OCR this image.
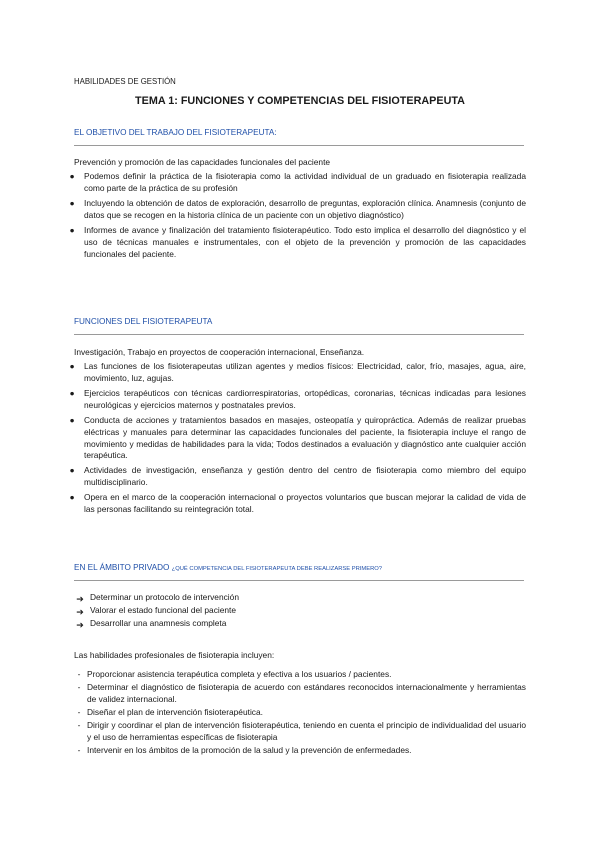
HABILIDADES DE GESTIÓN
TEMA 1: FUNCIONES Y COMPETENCIAS DEL FISIOTERAPEUTA
EL OBJETIVO DEL TRABAJO DEL FISIOTERAPEUTA:
Prevención y promoción de las capacidades funcionales del paciente
●	Podemos definir la práctica de la fisioterapia como la actividad individual de un graduado en fisioterapia realizada como parte de la práctica de su profesión
●	Incluyendo la obtención de datos de exploración, desarrollo de preguntas, exploración clínica. Anamnesis (conjunto de datos que se recogen en la historia clínica de un paciente con un objetivo diagnóstico)
●	Informes de avance y finalización del tratamiento fisioterapéutico. Todo esto implica el desarrollo del diagnóstico y el uso de técnicas manuales e instrumentales, con el objeto de la prevención y promoción de las capacidades funcionales del paciente.
FUNCIONES DEL FISIOTERAPEUTA
Investigación, Trabajo en proyectos de cooperación internacional, Enseñanza.
●	Las funciones de los fisioterapeutas utilizan agentes y medios físicos: Electricidad, calor, frío, masajes, agua, aire, movimiento, luz, agujas.
●	Ejercicios terapéuticos con técnicas cardiorrespiratorias, ortopédicas, coronarias, técnicas indicadas para lesiones neurológicas y ejercicios maternos y postnatales previos.
●	Conducta de acciones y tratamientos basados en masajes, osteopatía y quiropráctica. Además de realizar pruebas eléctricas y manuales para determinar las capacidades funcionales del paciente, la fisioterapia incluye el rango de movimiento y medidas de habilidades para la vida; Todos destinados a evaluación y diagnóstico ante cualquier acción terapéutica.
●	Actividades de investigación, enseñanza y gestión dentro del centro de fisioterapia como miembro del equipo multidisciplinario.
●	Opera en el marco de la cooperación internacional o proyectos voluntarios que buscan mejorar la calidad de vida de las personas facilitando su reintegración total.
EN EL ÁMBITO PRIVADO ¿QUÉ COMPETENCIA DEL FISIOTERAPEUTA DEBE REALIZARSE PRIMERO?
➔ Determinar un protocolo de intervención
➔ Valorar el estado funcional del paciente
➔ Desarrollar una anamnesis completa
Las habilidades profesionales de fisioterapia incluyen:
- Proporcionar asistencia terapéutica completa y efectiva a los usuarios / pacientes.
- Determinar el diagnóstico de fisioterapia de acuerdo con estándares reconocidos internacionalmente y herramientas de validez internacional.
- Diseñar el plan de intervención fisioterapéutica.
- Dirigir y coordinar el plan de intervención fisioterapéutica, teniendo en cuenta el principio de individualidad del usuario y el uso de herramientas específicas de fisioterapia
- Intervenir en los ámbitos de la promoción de la salud y la prevención de enfermedades.
